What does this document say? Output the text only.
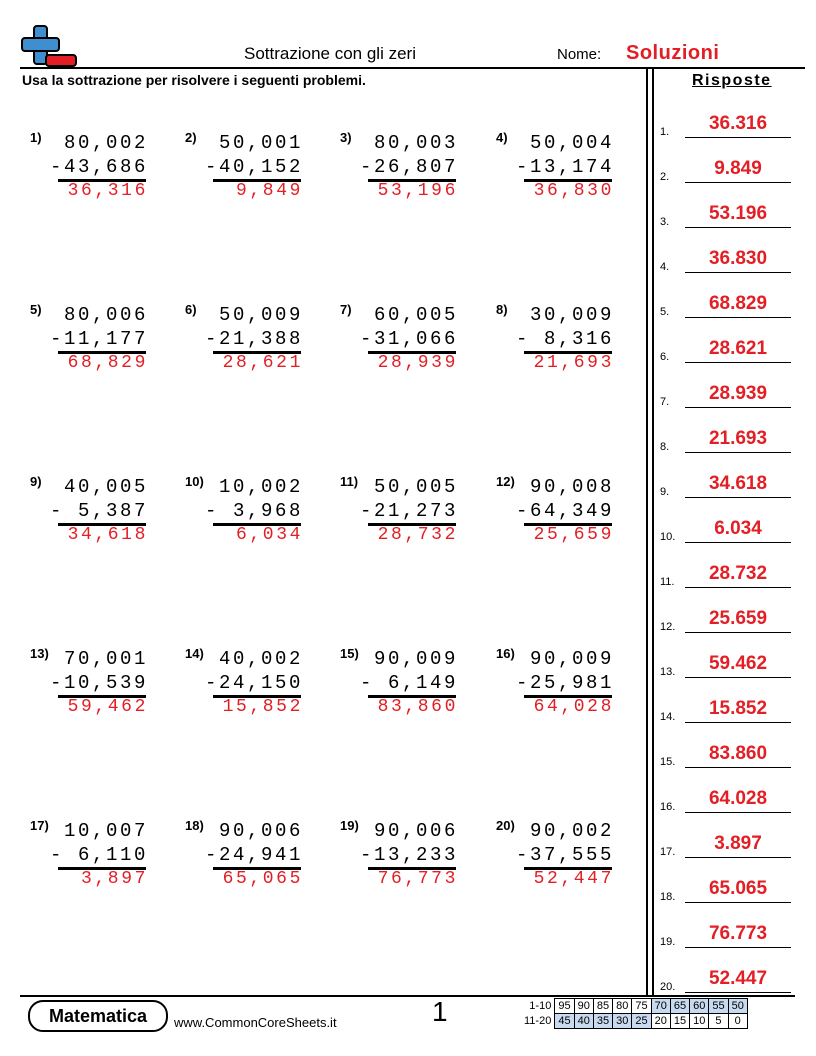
Sottrazione con gli zeri	Nome: Soluzioni
Usa la sottrazione per risolvere i seguenti problemi.	Risposte
1)	80,002
-43,686
36,316
2)	50,001
-40,152
9,849
3)	80,003
-26,807
53,196
4)	50,004
-13,174
36,830
5)	80,006
-11,177
68,829
6)	50,009
-21,388
28,621
7)	60,005
-31,066
28,939
8)	30,009
- 8,316
21,693
9)	40,005
- 5,387
34,618
10) 10,002
- 3,968
6,034
11) 50,005
-21,273
28,732
12) 90,008
-64,349
25,659
13) 70,001
-10,539
59,462
14) 40,002
-24,150
15,852
15) 90,009
- 6,149
83,860
16) 90,009
-25,981
64,028
17) 10,007
- 6,110
3,897
18) 90,006
-24,941
65,065
19) 90,006
-13,233
76,773
20) 90,002
-37,555
52,447
1.	36.316
2.	9.849
3.	53.196
4.	36.830
5.	68.829
6.	28.621
7.	28.939
8.	21.693
9.	34.618
10.	6.034
11.	28.732
12.	25.659
13.	59.462
14.	15.852
15.	83.860
16.	64.028
17.	3.897
18.	65.065
19.	76.773
20.	52.447
Matematica	www.CommonCoreSheets.it	1	1-10	95	90	85	80	75	70	65	60	55	50
11-20	45	40	35	30	25	20	15	10	5	0
